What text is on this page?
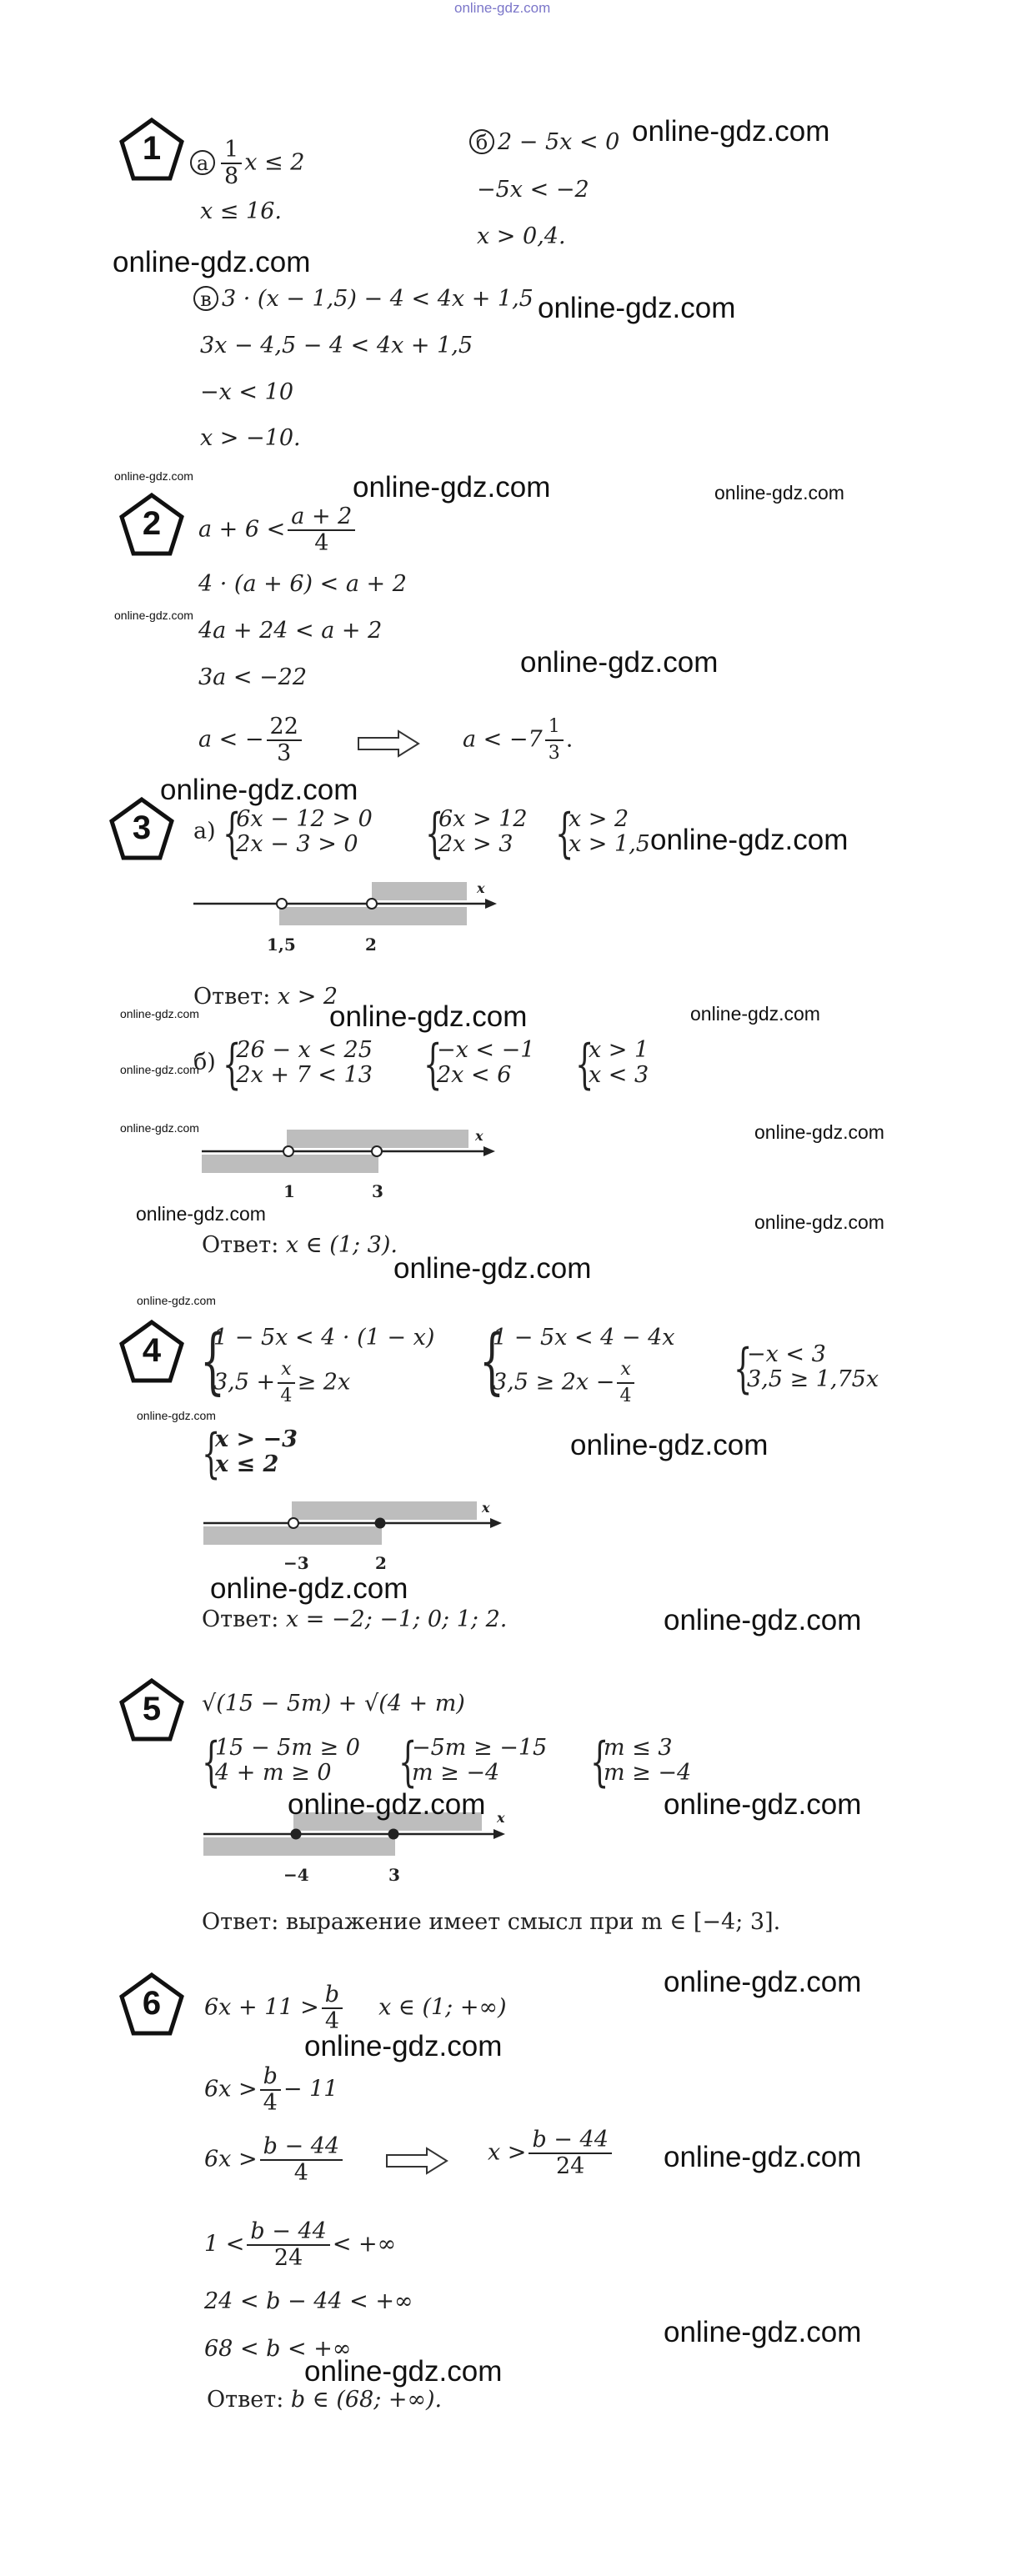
online-gdz.com
1	а $\frac{1}{8}$ x ≤ 2
x ≤ 16.
б 2 − 5x < 0
−5x < −2
x > 0,4.
в 3 · (x − 1,5) − 4 < 4x + 1,5
3x − 4,5 − 4 < 4x + 1,5
−x < 10
x > −10.
2	$a + 6 < \frac{a + 2}{4}$
4 · (a + 6) < a + 2
4a + 24 < a + 2
3a < −22
a < − $\frac{22}{3}$	$a < -7 \frac{1}{3}$ .
3	а) {
6x − 12 > 0
2x − 3 > 0 {
6x > 12
2x > 3 {
x > 2
x > 1,5
x
1,5	2
Ответ: x > 2
б) {
26 − x < 25
2x + 7 < 13 {
−x < −1
2x < 6	{
x > 1
x < 3
x
1	3
Ответ: x ∈ (1; 3).
4 {
1 − 5x < 4 · (1 − x)
$3,5 + \frac{x}{4} \ge 2x$	{
1 − 5x < 4 − 4x
$3,5 \ge 2x - \frac{x}{4}$ {
−x < 3
3,5 ≥ 1,75x
{
x > −3
x ≤ 2
x
−3	2
Ответ: x = −2; −1; 0; 1; 2.
5	√(15 − 5m) + √(4 + m)
{
15 − 5m ≥ 0
4 + m ≥ 0	{
−5m ≥ −15
m ≥ −4	{
m ≤ 3
m ≥ −4
x
−4	3
Ответ: выражение имеет смысл при m ∈ [−4; 3].
6	$6x + 11 > \frac{b}{4}$ x ∈ (1; +∞)
$6x > \frac{b}{4} - 11$
$6x > \frac{b - 44}{4}$	$x > \frac{b - 44}{24}$
$1 < \frac{b - 44}{24}$ < +∞
24 < b − 44 < +∞
68 < b < +∞
Ответ: b ∈ (68; +∞).
online-gdz.com
online-gdz.com
online-gdz.com
online-gdz.com	online-gdz.com	online-gdz.com
online-gdz.com
online-gdz.com
online-gdz.com
online-gdz.com
online-gdz.com	online-gdz.com	online-gdz.com
online-gdz.com
online-gdz.com	online-gdz.com
online-gdz.com	online-gdz.com
online-gdz.com
online-gdz.com
online-gdz.com
online-gdz.com
online-gdz.com
online-gdz.com
online-gdz.com	online-gdz.com
online-gdz.com
online-gdz.com
online-gdz.com
online-gdz.com
online-gdz.com
